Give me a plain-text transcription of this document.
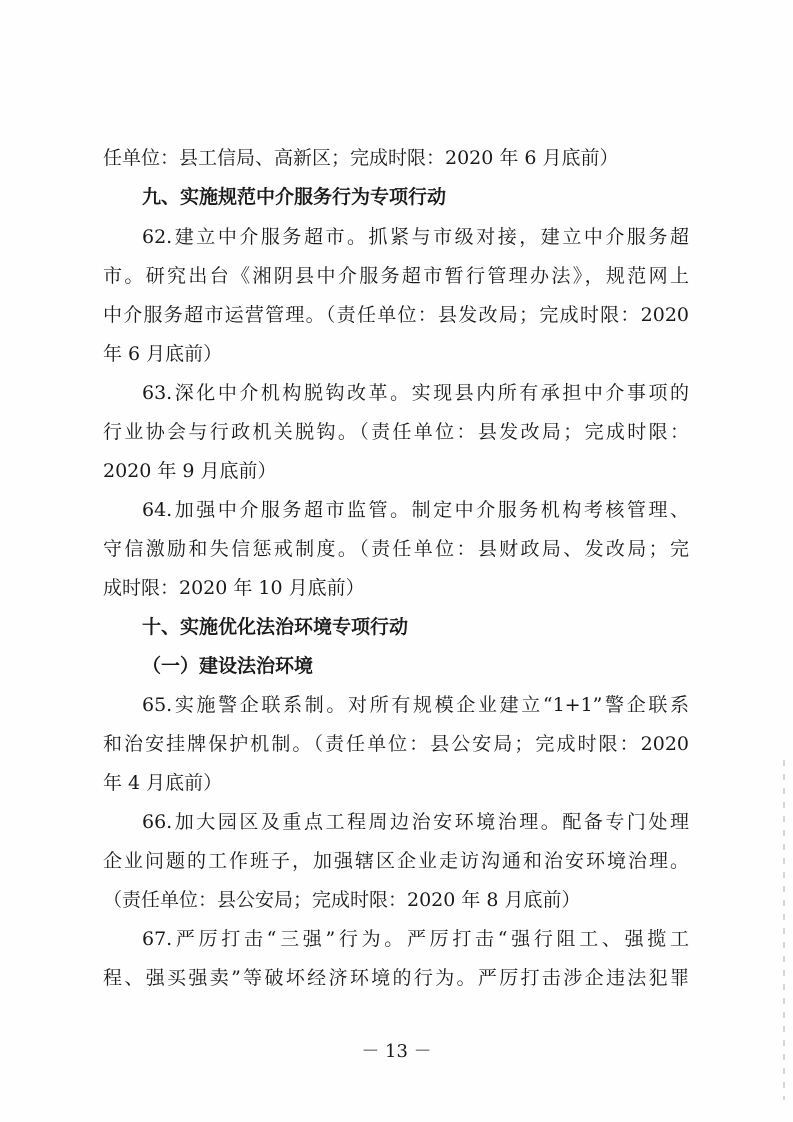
任单位：县工信局、高新区；完成时限：2020 年 6 月底前）
九、实施规范中介服务行为专项行动
62.建立中介服务超市。抓紧与市级对接，建立中介服务超
市。研究出台《湘阴县中介服务超市暂行管理办法》，规范网上
中介服务超市运营管理。（责任单位：县发改局；完成时限：2020
年 6 月底前）
63.深化中介机构脱钩改革。实现县内所有承担中介事项的
行业协会与行政机关脱钩。（责任单位：县发改局；完成时限：
2020 年 9 月底前）
64.加强中介服务超市监管。制定中介服务机构考核管理、
守信激励和失信惩戒制度。（责任单位：县财政局、发改局；完
成时限：2020 年 10 月底前）
十、实施优化法治环境专项行动
（一）建设法治环境
65.实施警企联系制。对所有规模企业建立“1+1”警企联系
和治安挂牌保护机制。（责任单位：县公安局；完成时限：2020
年 4 月底前）
66.加大园区及重点工程周边治安环境治理。配备专门处理
企业问题的工作班子，加强辖区企业走访沟通和治安环境治理。
（责任单位：县公安局；完成时限：2020 年 8 月底前）
67.严厉打击“三强”行为。严厉打击“强行阻工、强揽工
程、强买强卖”等破坏经济环境的行为。严厉打击涉企违法犯罪
－ 13 －
